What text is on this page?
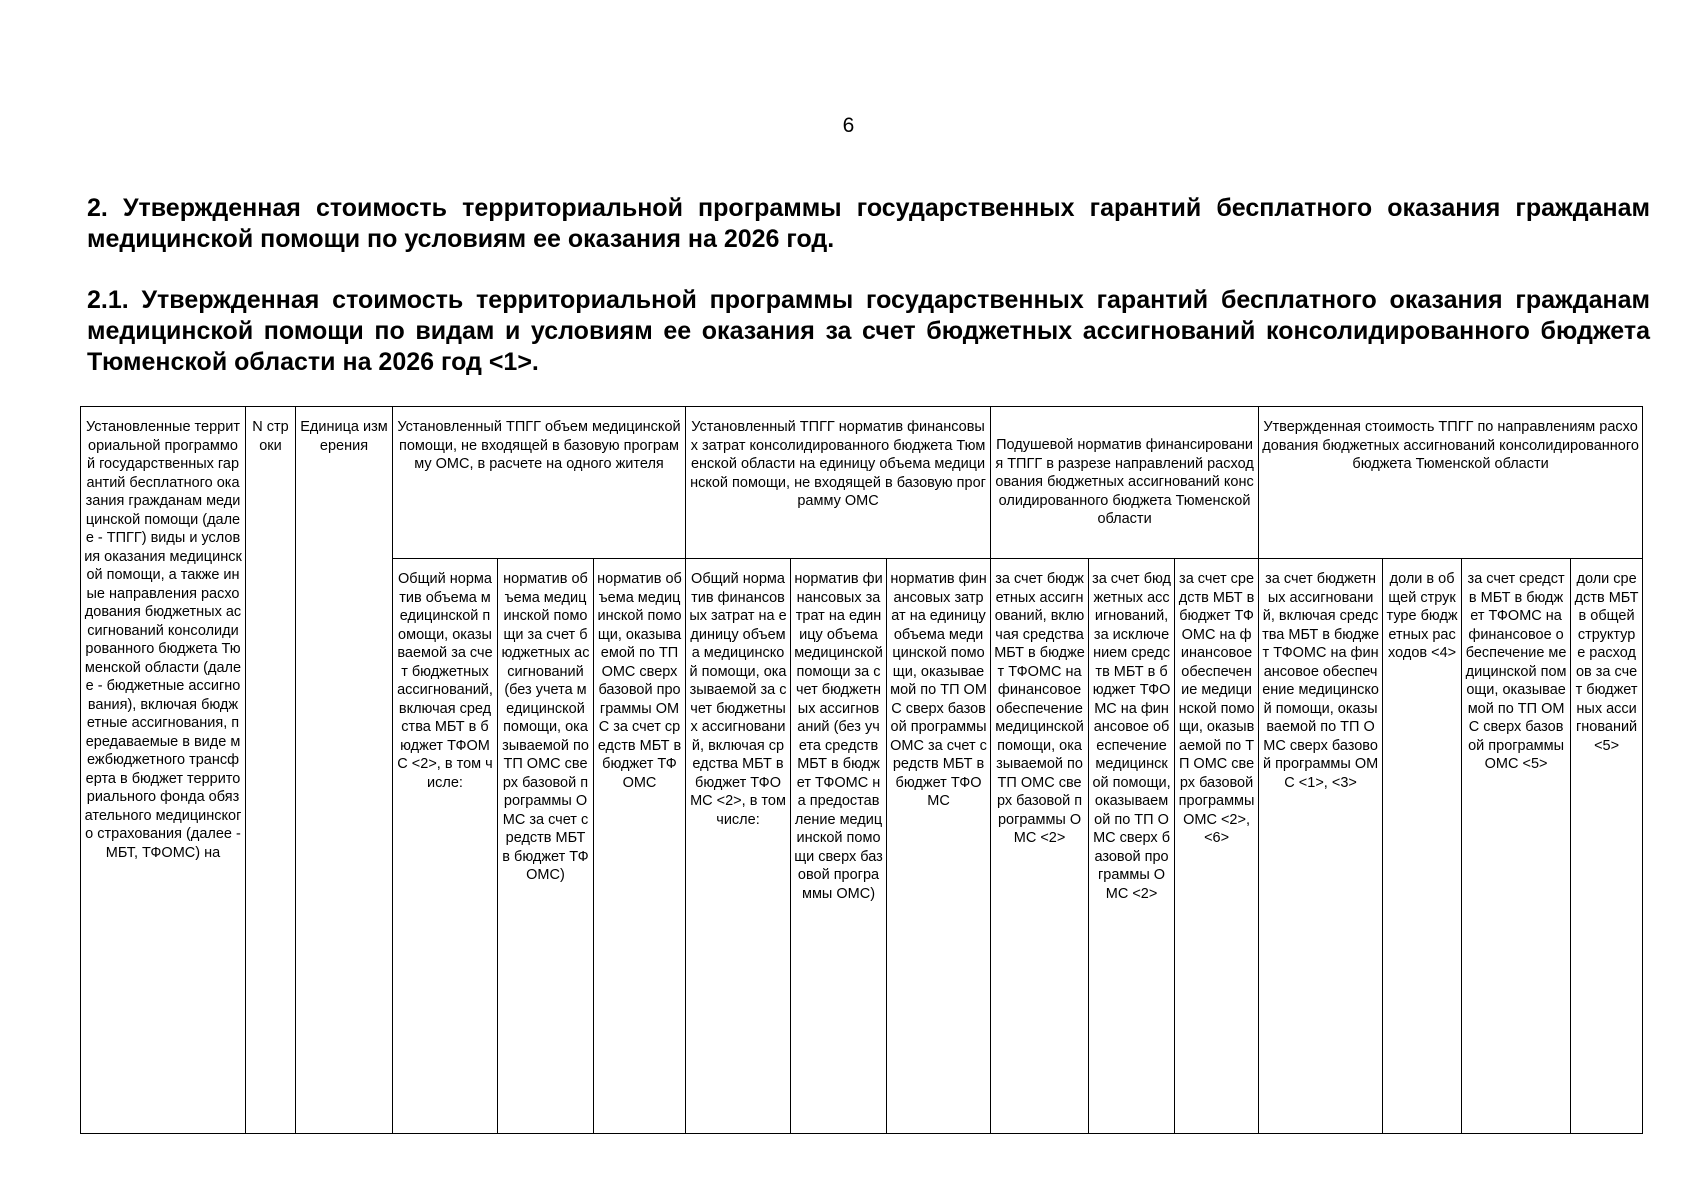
6
2. Утвержденная стоимость территориальной программы государственных гарантий бесплатного оказания гражданам медицинской помощи по условиям ее оказания на 2026 год.
2.1. Утвержденная стоимость территориальной программы государственных гарантий бесплатного оказания гражданам медицинской помощи по видам и условиям ее оказания за счет бюджетных ассигнований консолидированного бюджета Тюменской области на 2026 год <1>.
Установленные территориальной программой государственных гарантий бесплатного оказания гражданам медицинской помощи (далее - ТПГГ) виды и условия оказания медицинской помощи, а также иные направления расходования бюджетных ассигнований консолидированного бюджета Тюменской области (далее - бюджетные ассигнования), включая бюджетные ассигнования, передаваемые в виде межбюджетного трансферта в бюджет территориального фонда обязательного медицинского страхования (далее - МБТ, ТФОМС) на	N строки	Единица измерения	Установленный ТПГГ объем медицинской помощи, не входящей в базовую программу ОМС, в расчете на одного жителя			Установленный ТПГГ норматив финансовых затрат консолидированного бюджета Тюменской области на единицу объема медицинской помощи, не входящей в базовую программу ОМС			Подушевой норматив финансирования ТПГГ в разрезе направлений расходования бюджетных ассигнований консолидированного бюджета Тюменской области			Утвержденная стоимость ТПГГ по направлениям расходования бюджетных ассигнований консолидированного бюджета Тюменской области			
			Общий норматив объема медицинской помощи, оказываемой за счет бюджетных ассигнований, включая средства МБТ в бюджет ТФОМС <2>, в том числе:	норматив объема медицинской помощи за счет бюджетных ассигнований (без учета медицинской помощи, оказываемой по ТП ОМС сверх базовой программы ОМС за счет средств МБТ в бюджет ТФОМС)	норматив объема медицинской помощи, оказываемой по ТП ОМС сверх базовой программы ОМС за счет средств МБТ в бюджет ТФОМС	Общий норматив финансовых затрат на единицу объема медицинской помощи, оказываемой за счет бюджетных ассигнований, включая средства МБТ в бюджет ТФОМС <2>, в том числе:	норматив финансовых затрат на единицу объема медицинской помощи за счет бюджетных ассигнований (без учета средств МБТ в бюджет ТФОМС на предоставление медицинской помощи сверх базовой программы ОМС)	норматив финансовых затрат на единицу объема медицинской помощи, оказываемой по ТП ОМС сверх базовой программы ОМС за счет средств МБТ в бюджет ТФОМС	за счет бюджетных ассигнований, включая средства МБТ в бюджет ТФОМС на финансовое обеспечение медицинской помощи, оказываемой по ТП ОМС сверх базовой программы ОМС <2>	за счет бюджетных ассигнований, за исключением средств МБТ в бюджет ТФОМС на финансовое обеспечение медицинской помощи, оказываемой по ТП ОМС сверх базовой программы ОМС <2>	за счет средств МБТ в бюджет ТФОМС на финансовое обеспечение медицинской помощи, оказываемой по ТП ОМС сверх базовой программы ОМС <2>, <6>	за счет бюджетных ассигнований, включая средства МБТ в бюджет ТФОМС на финансовое обеспечение медицинской помощи, оказываемой по ТП ОМС сверх базовой программы ОМС <1>, <3>	доли в общей структуре бюджетных расходов <4>	за счет средств МБТ в бюджет ТФОМС на финансовое обеспечение медицинской помощи, оказываемой по ТП ОМС сверх базовой программы ОМС <5>	доли средств МБТ в общей структуре расходов за счет бюджетных ассигнований <5>
